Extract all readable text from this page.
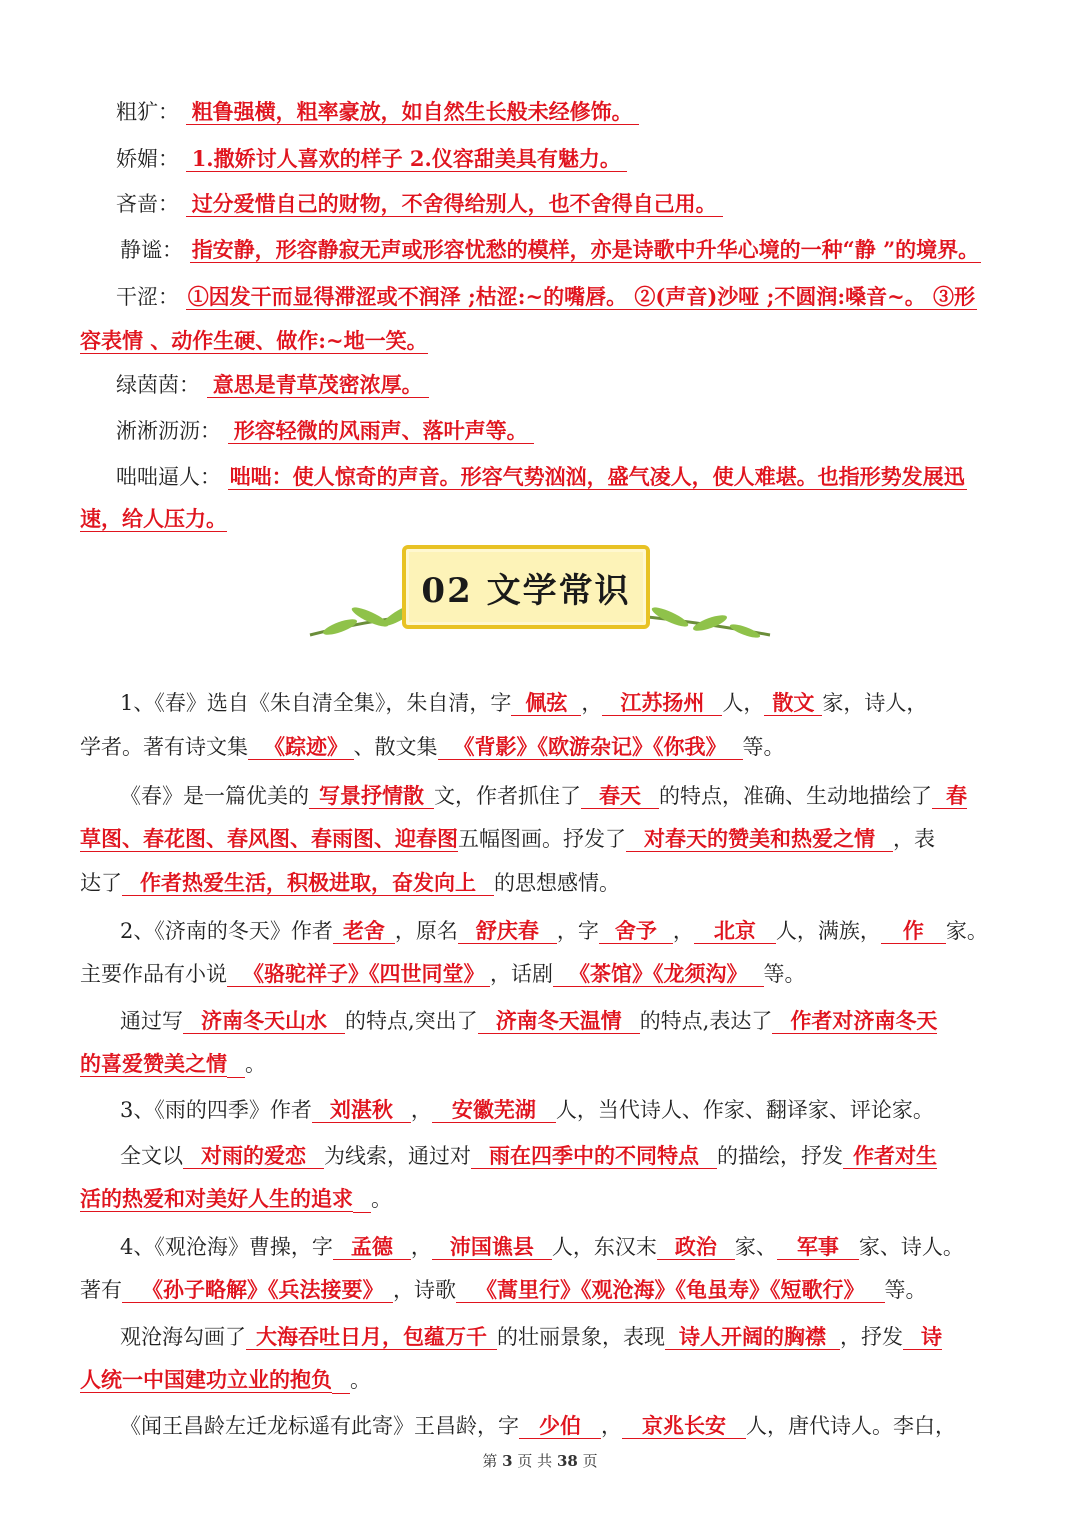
粗犷： 粗鲁强横，粗率豪放，如自然生长般未经修饰。
娇媚： 1.撒娇讨人喜欢的样子 2.仪容甜美具有魅力。
吝啬： 过分爱惜自己的财物，不舍得给别人，也不舍得自己用。
静谧： 指安静，形容静寂无声或形容忧愁的模样，亦是诗歌中升华心境的一种“静 ”的境界。
干涩： ①因发干而显得滞涩或不润泽 ;枯涩:~的嘴唇。 ②(声音)沙哑 ;不圆润:嗓音~。 ③形
容表情 、动作生硬、做作:~地一笑。
绿茵茵： 意思是青草茂密浓厚。
淅淅沥沥： 形容轻微的风雨声、落叶声等。
咄咄逼人： 咄咄：使人惊奇的声音。形容气势汹汹，盛气凌人，使人难堪。也指形势发展迅
速，给人压力。
02 文学常识
1、《春》选自《朱自清全集》，朱自清，字 佩弦 ， 江苏扬州 人， 散文 家，诗人，
学者。著有诗文集 《踪迹》 、散文集 《背影》《欧游杂记》《你我》 等。
《春》是一篇优美的 写景抒情散 文，作者抓住了 春天 的特点，准确、生动地描绘了 春
草图、春花图、春风图、春雨图、迎春图五幅图画。抒发了 对春天的赞美和热爱之情 ，表
达了 作者热爱生活，积极进取，奋发向上 的思想感情。
2、《济南的冬天》作者 老舍 ，原名 舒庆春 ，字 舍予 ， 北京 人，满族， 作 家。
主要作品有小说 《骆驼祥子》《四世同堂》 ，话剧 《茶馆》《龙须沟》 等。
通过写 济南冬天山水 的特点,突出了 济南冬天温情 的特点,表达了 作者对济南冬天
的喜爱赞美之情 。
3、《雨的四季》作者 刘湛秋 ， 安徽芜湖 人，当代诗人、作家、翻译家、评论家。
全文以 对雨的爱恋 为线索，通过对 雨在四季中的不同特点 的描绘，抒发 作者对生
活的热爱和对美好人生的追求 。
4、《观沧海》曹操，字 孟德 ， 沛国谯县 人，东汉末 政治 家、 军事 家、诗人。
著有 《孙子略解》《兵法接要》 ，诗歌 《蒿里行》《观沧海》《龟虽寿》《短歌行》 等。
观沧海勾画了 大海吞吐日月，包蕴万千 的壮丽景象，表现 诗人开阔的胸襟 ，抒发 诗
人统一中国建功立业的抱负 。
《闻王昌龄左迁龙标遥有此寄》王昌龄，字 少伯 ， 京兆长安 人，唐代诗人。李白，
第 3 页 共 38 页
